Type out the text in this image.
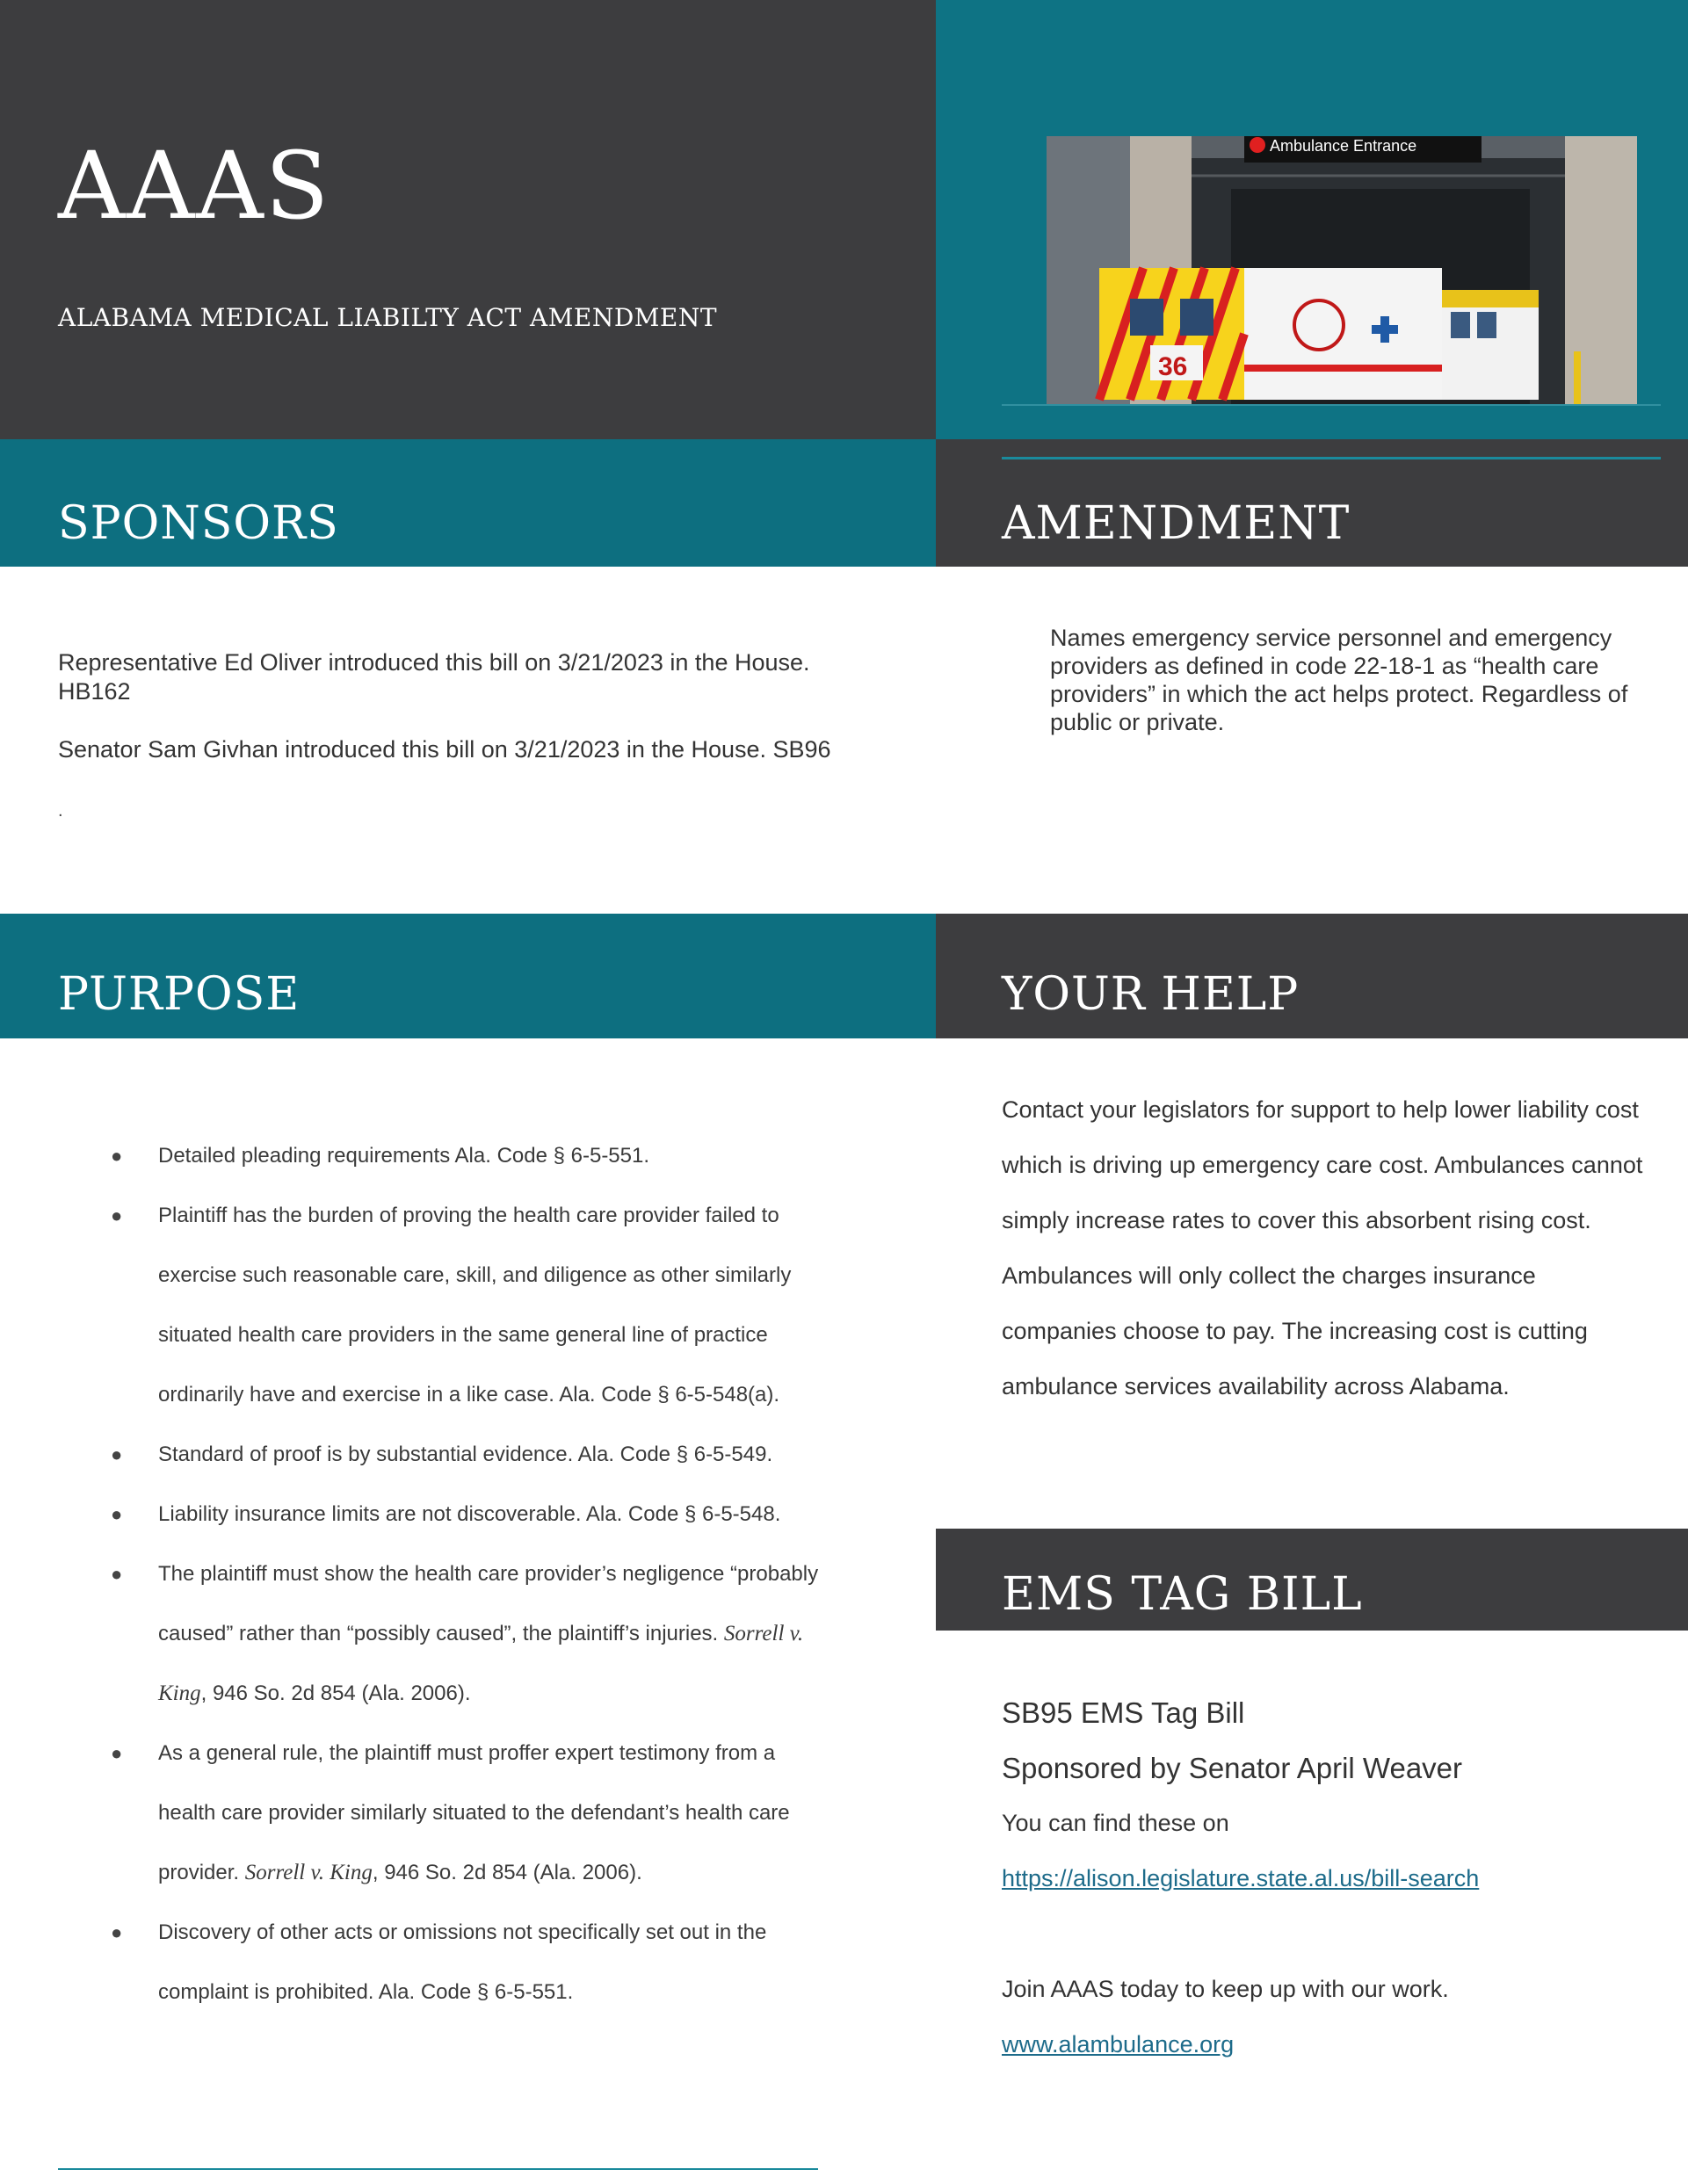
AAAS
ALABAMA MEDICAL LIABILTY ACT AMENDMENT
Ambulance Entrance
36
SPONSORS

Representative Ed Oliver introduced this bill on 3/21/2023 in the House. HB162

Senator Sam Givhan introduced this bill on 3/21/2023 in the House. SB96

.
AMENDMENT
Names emergency service personnel and emergency providers as defined in code 22-18-1 as “health care providers” in which the act helps protect. Regardless of public or private.
PURPOSE
● Detailed pleading requirements Ala. Code § 6-5-551.
● Plaintiff has the burden of proving the health care provider failed to exercise such reasonable care, skill, and diligence as other similarly situated health care providers in the same general line of practice ordinarily have and exercise in a like case. Ala. Code § 6-5-548(a).
● Standard of proof is by substantial evidence. Ala. Code § 6-5-549.
● Liability insurance limits are not discoverable. Ala. Code § 6-5-548.
● The plaintiff must show the health care provider’s negligence “probably caused” rather than “possibly caused”, the plaintiff’s injuries. Sorrell v. King, 946 So. 2d 854 (Ala. 2006).
● As a general rule, the plaintiff must proffer expert testimony from a health care provider similarly situated to the defendant’s health care provider. Sorrell v. King, 946 So. 2d 854 (Ala. 2006).
● Discovery of other acts or omissions not specifically set out in the complaint is prohibited. Ala. Code § 6-5-551.
YOUR HELP
Contact your legislators for support to help lower liability cost which is driving up emergency care cost. Ambulances cannot simply increase rates to cover this absorbent rising cost. Ambulances will only collect the charges insurance companies choose to pay. The increasing cost is cutting ambulance services availability across Alabama.
EMS TAG BILL
SB95 EMS Tag Bill
Sponsored by Senator April Weaver
You can find these on
https://alison.legislature.state.al.us/bill-search
Join AAAS today to keep up with our work.
www.alambulance.org
